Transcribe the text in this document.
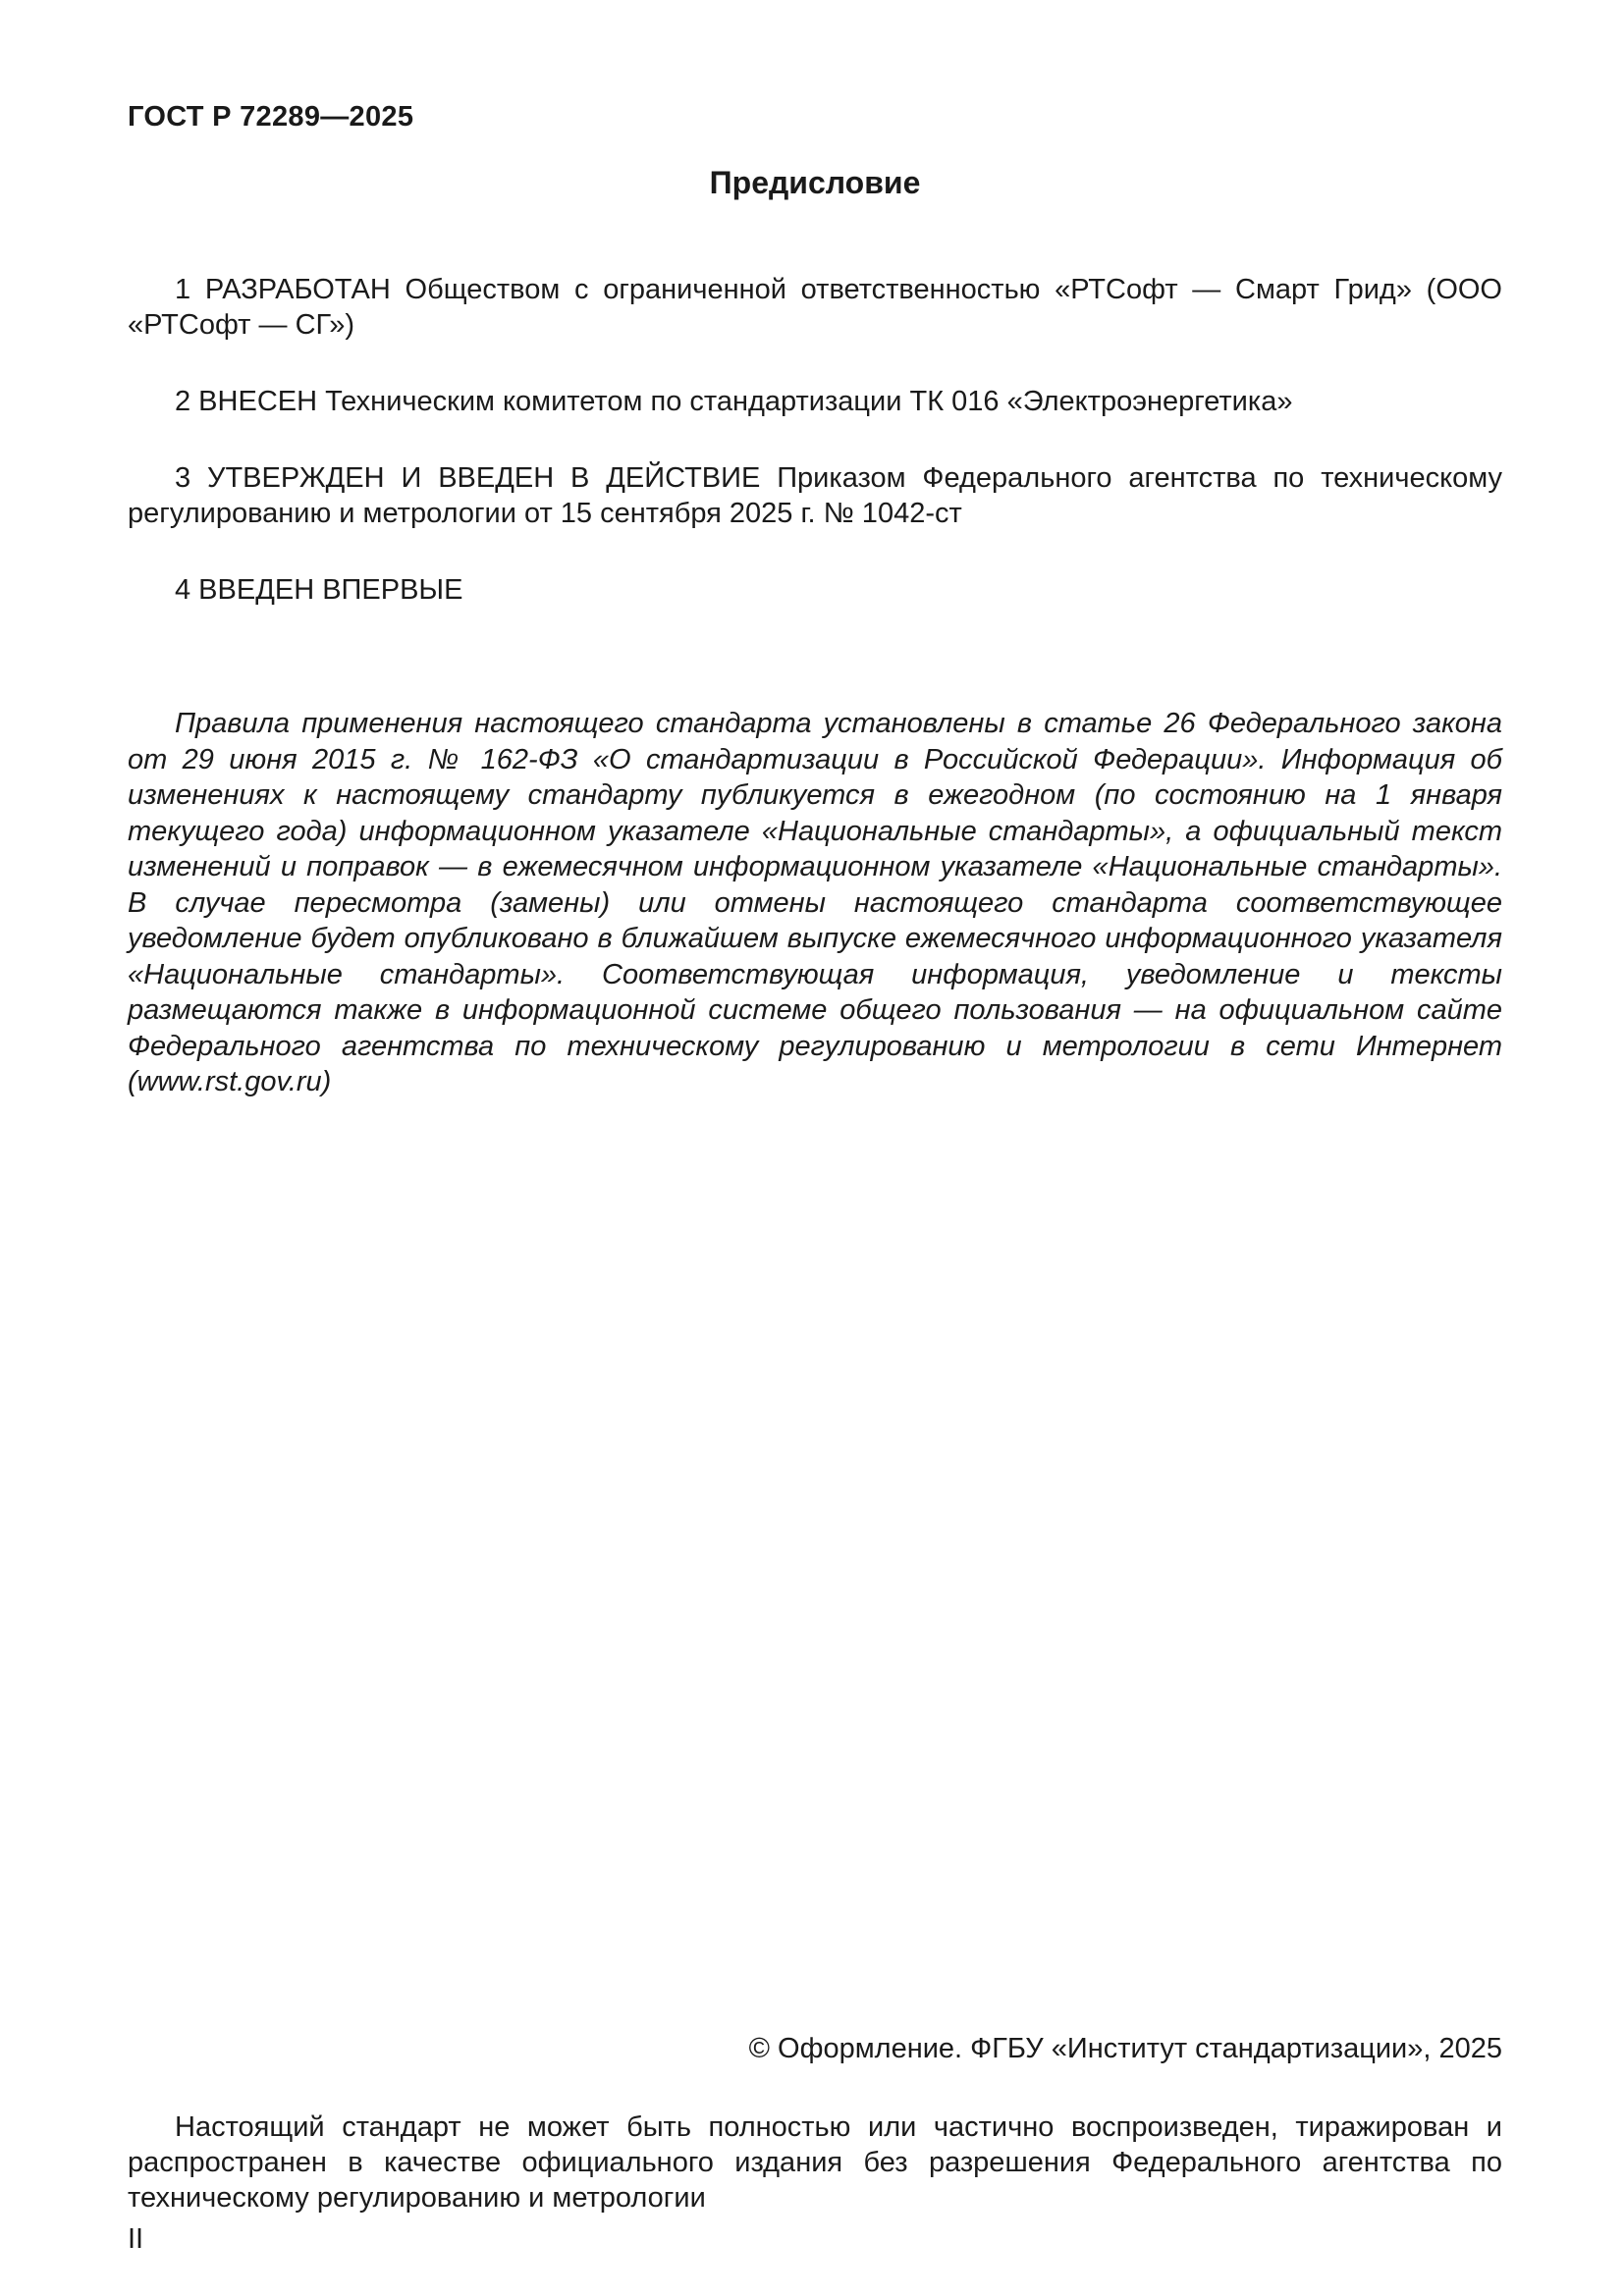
ГОСТ Р 72289—2025
Предисловие

1 РАЗРАБОТАН Обществом с ограниченной ответственностью «РТСофт — Смарт Грид» (ООО «РТСофт — СГ»)

2 ВНЕСЕН Техническим комитетом по стандартизации ТК 016 «Электроэнергетика»

3 УТВЕРЖДЕН И ВВЕДЕН В ДЕЙСТВИЕ Приказом Федерального агентства по техническому регулированию и метрологии от 15 сентября 2025 г. № 1042-ст

4 ВВЕДЕН ВПЕРВЫЕ

Правила применения настоящего стандарта установлены в статье 26 Федерального закона от 29 июня 2015 г. № 162-ФЗ «О стандартизации в Российской Федерации». Информация об изменениях к настоящему стандарту публикуется в ежегодном (по состоянию на 1 января текущего года) информационном указателе «Национальные стандарты», а официальный текст изменений и поправок — в ежемесячном информационном указателе «Национальные стандарты». В случае пересмотра (замены) или отмены настоящего стандарта соответствующее уведомление будет опубликовано в ближайшем выпуске ежемесячного информационного указателя «Национальные стандарты». Соответствующая информация, уведомление и тексты размещаются также в информационной системе общего пользования — на официальном сайте Федерального агентства по техническому регулированию и метрологии в сети Интернет (www.rst.gov.ru)

© Оформление. ФГБУ «Институт стандартизации», 2025

Настоящий стандарт не может быть полностью или частично воспроизведен, тиражирован и распространен в качестве официального издания без разрешения Федерального агентства по техническому регулированию и метрологии

II
